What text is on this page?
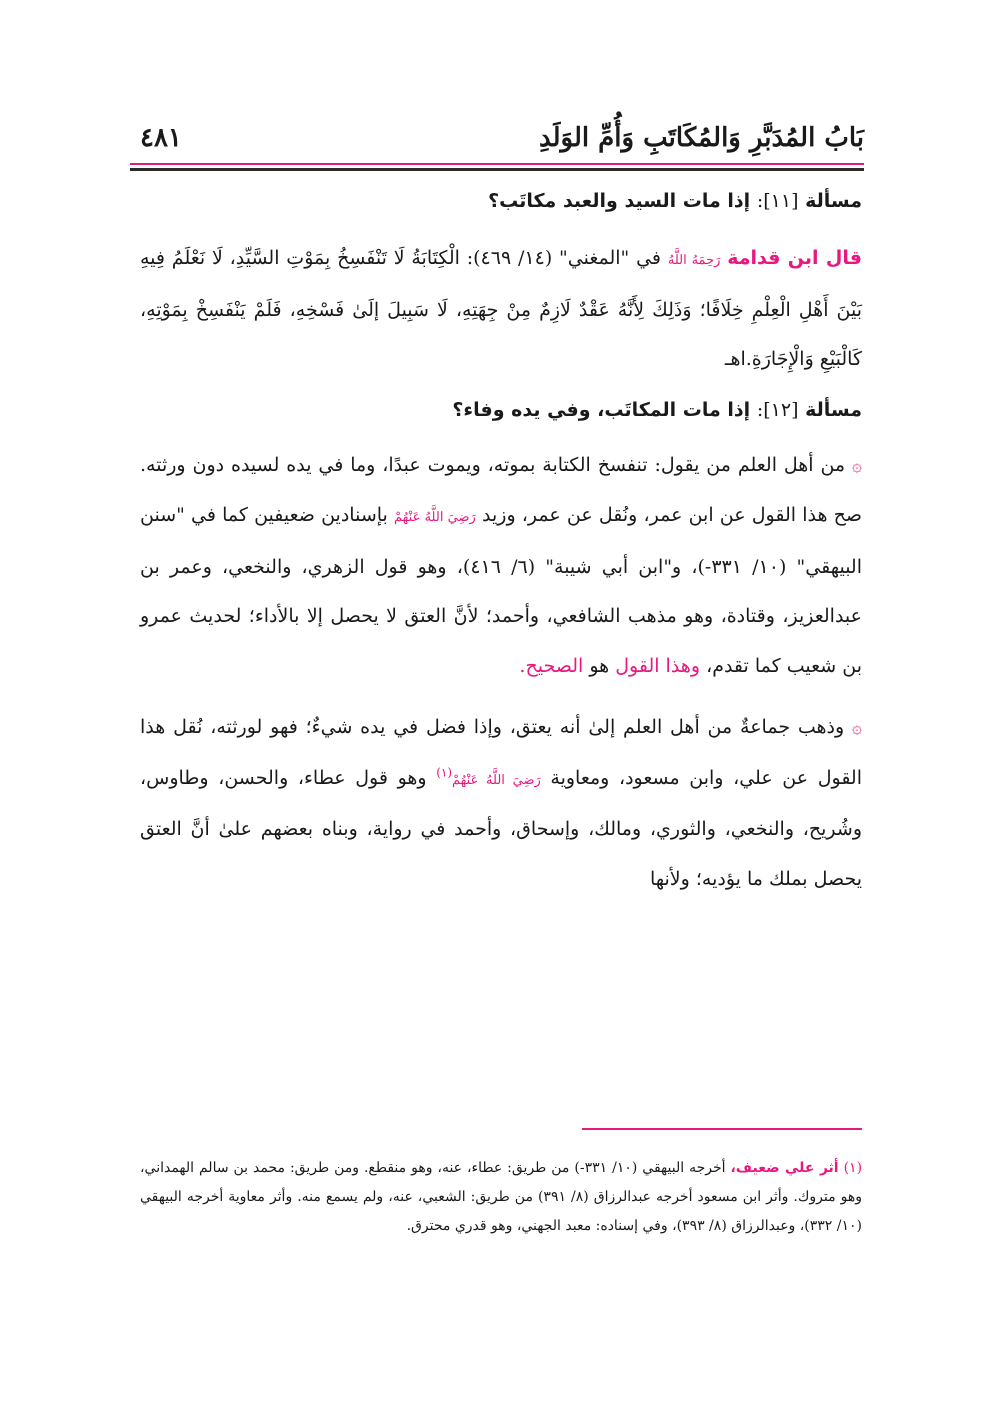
بَابُ المُدَبَّرِ وَالمُكَاتَبِ وَأُمِّ الوَلَدِ
٤٨١

مسألة [١١]: إذا مات السيد والعبد مكاتَب؟

قال ابن قدامة رَحِمَهُ اللَّهُ في "المغني" (١٤/ ٤٦٩): الْكِتَابَةُ لَا تَنْفَسِخُ بِمَوْتِ السَّيِّدِ، لَا نَعْلَمُ فِيهِ بَيْنَ أَهْلِ الْعِلْمِ خِلَافًا؛ وَذَلِكَ لِأَنَّهُ عَقْدٌ لَازِمٌ مِنْ جِهَتِهِ، لَا سَبِيلَ إلَىٰ فَسْخِهِ، فَلَمْ يَنْفَسِخْ بِمَوْتِهِ، كَالْبَيْعِ وَالْإِجَارَةِ.اهـ

مسألة [١٢]: إذا مات المكاتَب، وفي يده وفاء؟

۞ من أهل العلم من يقول: تنفسخ الكتابة بموته، ويموت عبدًا، وما في يده لسيده دون ورثته. صح هذا القول عن ابن عمر، ونُقل عن عمر، وزيد رَضِيَ اللَّهُ عَنْهُمْ بإسنادين ضعيفين كما في "سنن البيهقي" (١٠/ ٣٣١-)، و"ابن أبي شيبة" (٦/ ٤١٦)، وهو قول الزهري، والنخعي، وعمر بن عبدالعزيز، وقتادة، وهو مذهب الشافعي، وأحمد؛ لأنَّ العتق لا يحصل إلا بالأداء؛ لحديث عمرو بن شعيب كما تقدم، وهذا القول هو الصحيح.

۞ وذهب جماعةٌ من أهل العلم إلىٰ أنه يعتق، وإذا فضل في يده شيءٌ؛ فهو لورثته، نُقل هذا القول عن علي، وابن مسعود، ومعاوية رَضِيَ اللَّهُ عَنْهُمْ$^{(١)}$ وهو قول عطاء، والحسن، وطاوس، وشُريح، والنخعي، والثوري، ومالك، وإسحاق، وأحمد في رواية، وبناه بعضهم علىٰ أنَّ العتق يحصل بملك ما يؤديه؛ ولأنها

(١) أثر علي ضعيف، أخرجه البيهقي (١٠/ ٣٣١-) من طريق: عطاء، عنه، وهو منقطع. ومن طريق: محمد بن سالم الهمداني، وهو متروك. وأثر ابن مسعود أخرجه عبدالرزاق (٨/ ٣٩١) من طريق: الشعبي، عنه، ولم يسمع منه. وأثر معاوية أخرجه البيهقي (١٠/ ٣٣٢)، وعبدالرزاق (٨/ ٣٩٣)، وفي إسناده: معبد الجهني، وهو قدري محترق.
